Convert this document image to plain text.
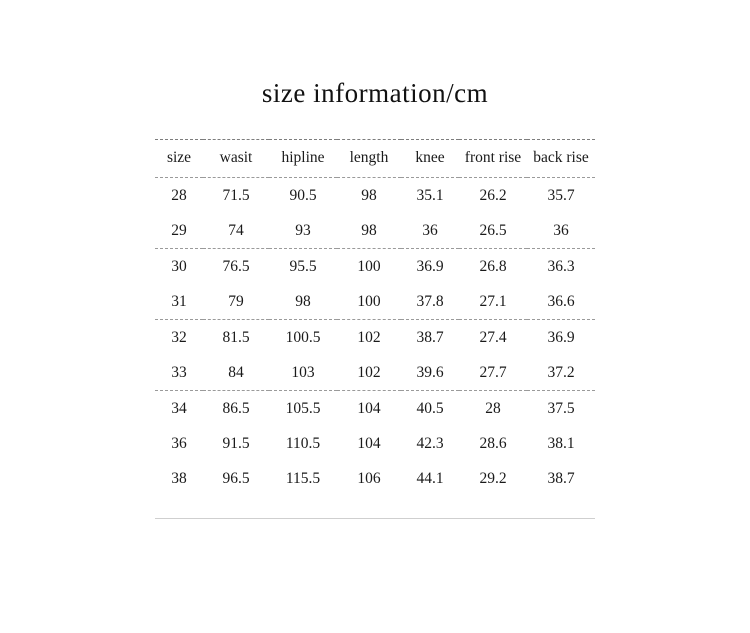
size information/cm
size	wasit	hipline	length	knee	front rise	back rise
28	71.5	90.5	98	35.1	26.2	35.7
29	74	93	98	36	26.5	36
30	76.5	95.5	100	36.9	26.8	36.3
31	79	98	100	37.8	27.1	36.6
32	81.5	100.5	102	38.7	27.4	36.9
33	84	103	102	39.6	27.7	37.2
34	86.5	105.5	104	40.5	28	37.5
36	91.5	110.5	104	42.3	28.6	38.1
38	96.5	115.5	106	44.1	29.2	38.7
